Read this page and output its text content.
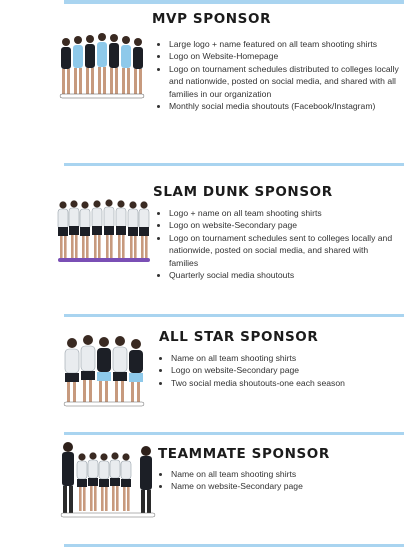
MVP SPONSOR
• Large logo + name featured on all team shooting shirts
• Logo on Website-Homepage
• Logo on tournament schedules distributed to colleges locally and nationwide, posted on social media, and shared with all families in our organization
• Monthly social media shoutouts (Facebook/Instagram)
SLAM DUNK SPONSOR
• Logo + name on all team shooting shirts
• Logo on website-Secondary page
• Logo on tournament schedules sent to colleges locally and nationwide, posted on social media, and shared with families
• Quarterly social media shoutouts
ALL STAR SPONSOR
• Name on all team shooting shirts
• Logo on website-Secondary page
• Two social media shoutouts-one each season
TEAMMATE SPONSOR
• Name on all team shooting shirts
• Name on website-Secondary page
